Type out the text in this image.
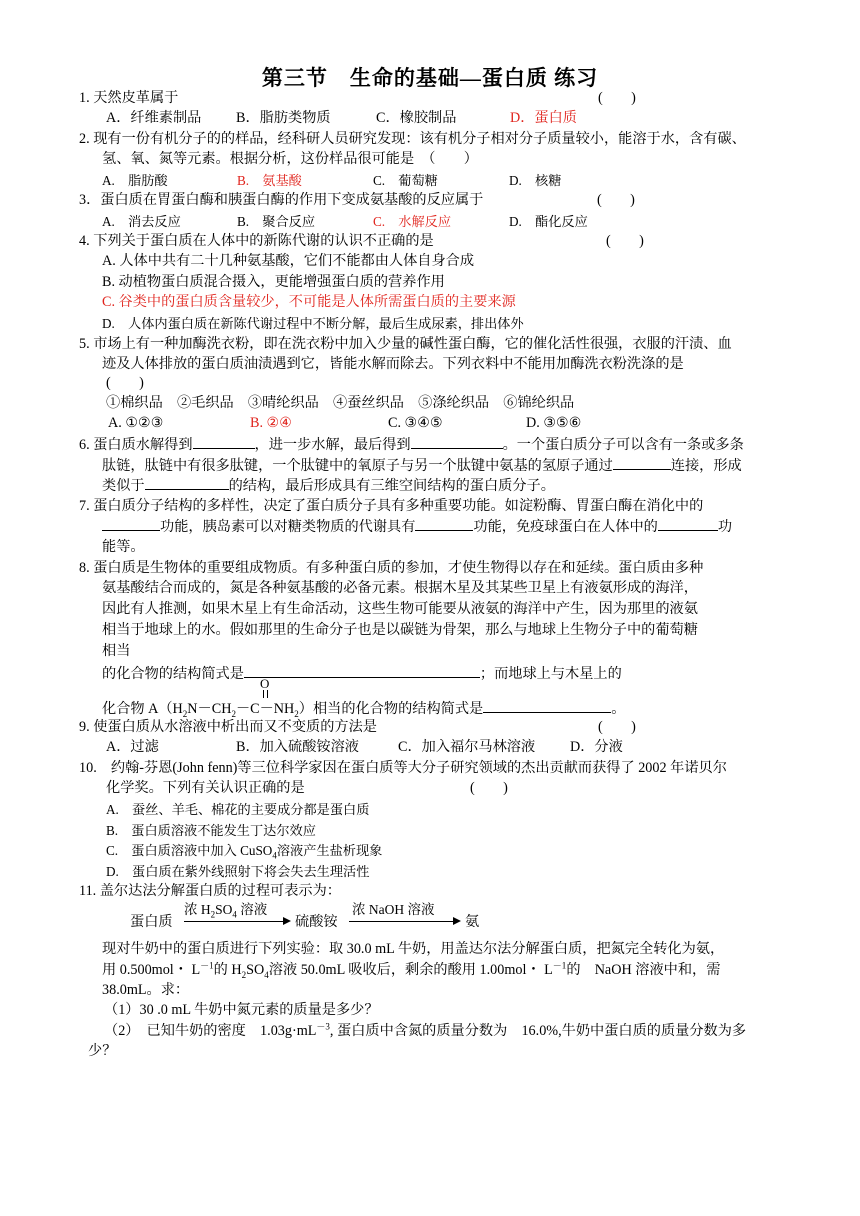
第三节　生命的基础—蛋白质 练习
1. 天然皮革属于	(　　)
A．纤维素制品 B．脂肪类物质	C．橡胶制品	D．蛋白质
2. 现有一份有机分子的的样品，经科研人员研究发现：该有机分子相对分子质量较小，能溶于水，含有碳、
氢、氧、氮等元素。根据分析，这份样品很可能是　（　　）
A.　脂肪酸	B.　氨基酸	C.　葡萄糖	D.　核糖
3．蛋白质在胃蛋白酶和胰蛋白酶的作用下变成氨基酸的反应属于	(　　)
A.　消去反应	B.　聚合反应	C.　水解反应	D.　酯化反应
4. 下列关于蛋白质在人体中的新陈代谢的认识不正确的是	(　　)
A. 人体中共有二十几种氨基酸，它们不能都由人体自身合成
B. 动植物蛋白质混合摄入，更能增强蛋白质的营养作用
C. 谷类中的蛋白质含量较少，不可能是人体所需蛋白质的主要来源
D.　人体内蛋白质在新陈代谢过程中不断分解，最后生成尿素，排出体外
5. 市场上有一种加酶洗衣粉，即在洗衣粉中加入少量的碱性蛋白酶，它的催化活性很强，衣服的汗渍、血
迹及人体排放的蛋白质油渍遇到它，皆能水解而除去。下列衣料中不能用加酶洗衣粉洗涤的是
(　　)
①棉织品　②毛织品　③晴纶织品　④蚕丝织品　⑤涤纶织品　⑥锦纶织品
A. ①②③	B. ②④	C. ③④⑤	D. ③⑤⑥
6. 蛋白质水解得到	，进一步水解，最后得到	。一个蛋白质分子可以含有一条或多条
肽链，肽链中有很多肽键，一个肽键中的氧原子与另一个肽键中氨基的氢原子通过	连接，形成
类似于	的结构，最后形成具有三维空间结构的蛋白质分子。
7. 蛋白质分子结构的多样性，决定了蛋白质分子具有多种重要功能。如淀粉酶、胃蛋白酶在消化中的
功能，胰岛素可以对糖类物质的代谢具有	功能，免疫球蛋白在人体中的	功
能等。
8. 蛋白质是生物体的重要组成物质。有多种蛋白质的参加，才使生物得以存在和延续。蛋白质由多种
氨基酸结合而成的，氮是各种氨基酸的必备元素。根据木星及其某些卫星上有液氨形成的海洋，
因此有人推测，如果木星上有生命活动，这些生物可能要从液氨的海洋中产生，因为那里的液氨
相当于地球上的水。假如那里的生命分子也是以碳链为骨架，那么与地球上生物分子中的葡萄糖
相当
的化合物的结构简式是	；而地球上与木星上的
O
化合物 $A(H_2N-CH_2-C-NH_2)$相当的化合物的结构简式是	。
9. 使蛋白质从水溶液中析出而又不变质的方法是	(　　)
A．过滤	B．加入硫酸铵溶液	C．加入福尔马林溶液 D．分液
10.　约翰-芬恩(John fenn)等三位科学家因在蛋白质等大分子研究领域的杰出贡献而获得了 2002 年诺贝尔
化学奖。下列有关认识正确的是	(　　)
A.　蚕丝、羊毛、棉花的主要成分都是蛋白质
B.　蛋白质溶液不能发生丁达尔效应
C.　蛋白质溶液中加入 CuSO$_4$溶液产生盐析现象
D.　蛋白质在紫外线照射下将会失去生理活性
11. 盖尔达法分解蛋白质的过程可表示为：
蛋白质
浓 $H_2SO_4$ 溶液
硫酸铵
浓 NaOH 溶液
氨
现对牛奶中的蛋白质进行下列实验：取 30.0 mL 牛奶，用盖达尔法分解蛋白质，把氮完全转化为氨，
用 0.500mol・ $L^{-1}$的 $H_2SO_4$溶液 50.0mL 吸收后，剩余的酸用 1.00mol・ $L^{-1}$的　NaOH 溶液中和，需
38.0mL。求：
（1）30 .0 mL 牛奶中氮元素的质量是多少？
（2）　已知牛奶的密度　$1.03g\cdot mL^{-3}$, 蛋白质中含氮的质量分数为　16.0%,牛奶中蛋白质的质量分数为多
少？
